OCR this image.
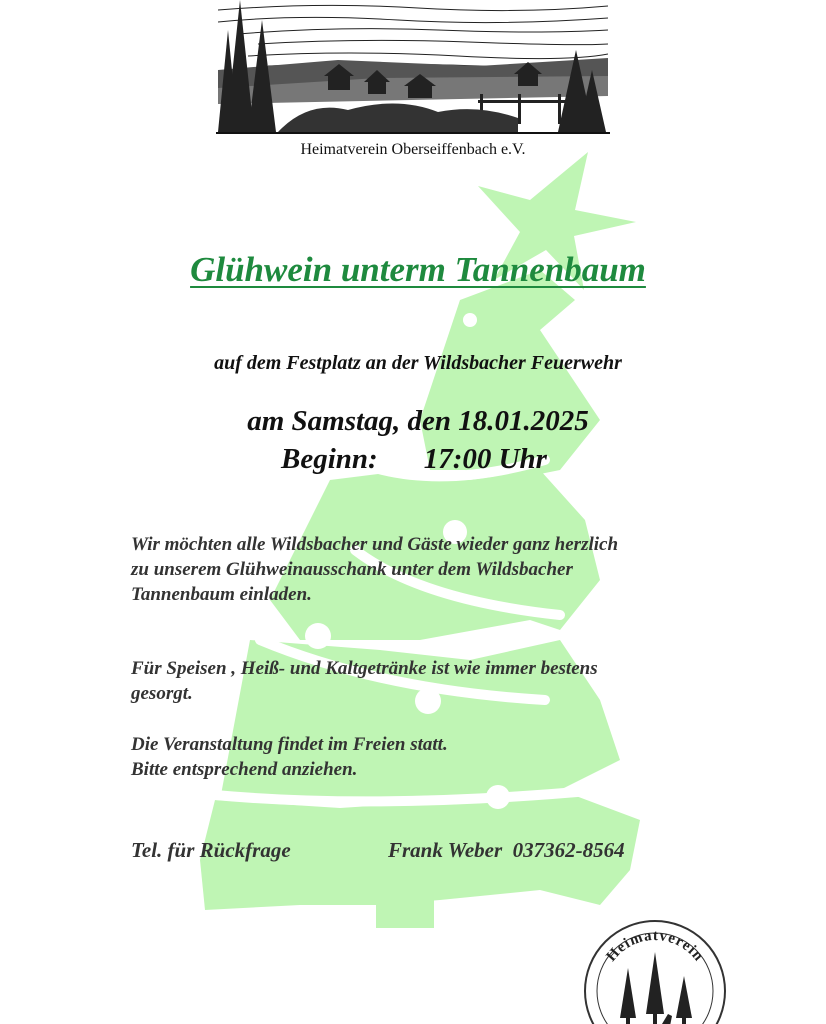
Heimatverein Oberseiffenbach e.V.
Glühwein unterm Tannenbaum
auf dem Festplatz an der Wildsbacher Feuerwehr
am Samstag, den 18.01.2025
Beginn: 17:00 Uhr
Wir möchten alle Wildsbacher und Gäste wieder ganz herzlich
zu unserem Glühweinausschank unter dem Wildsbacher
Tannenbaum einladen.
Für Speisen , Heiß- und Kaltgetränke ist wie immer bestens
gesorgt.
Die Veranstaltung findet im Freien statt.
Bitte entsprechend anziehen.
Tel. für Rückfrage	Frank Weber  037362-8564
Heimatverein
